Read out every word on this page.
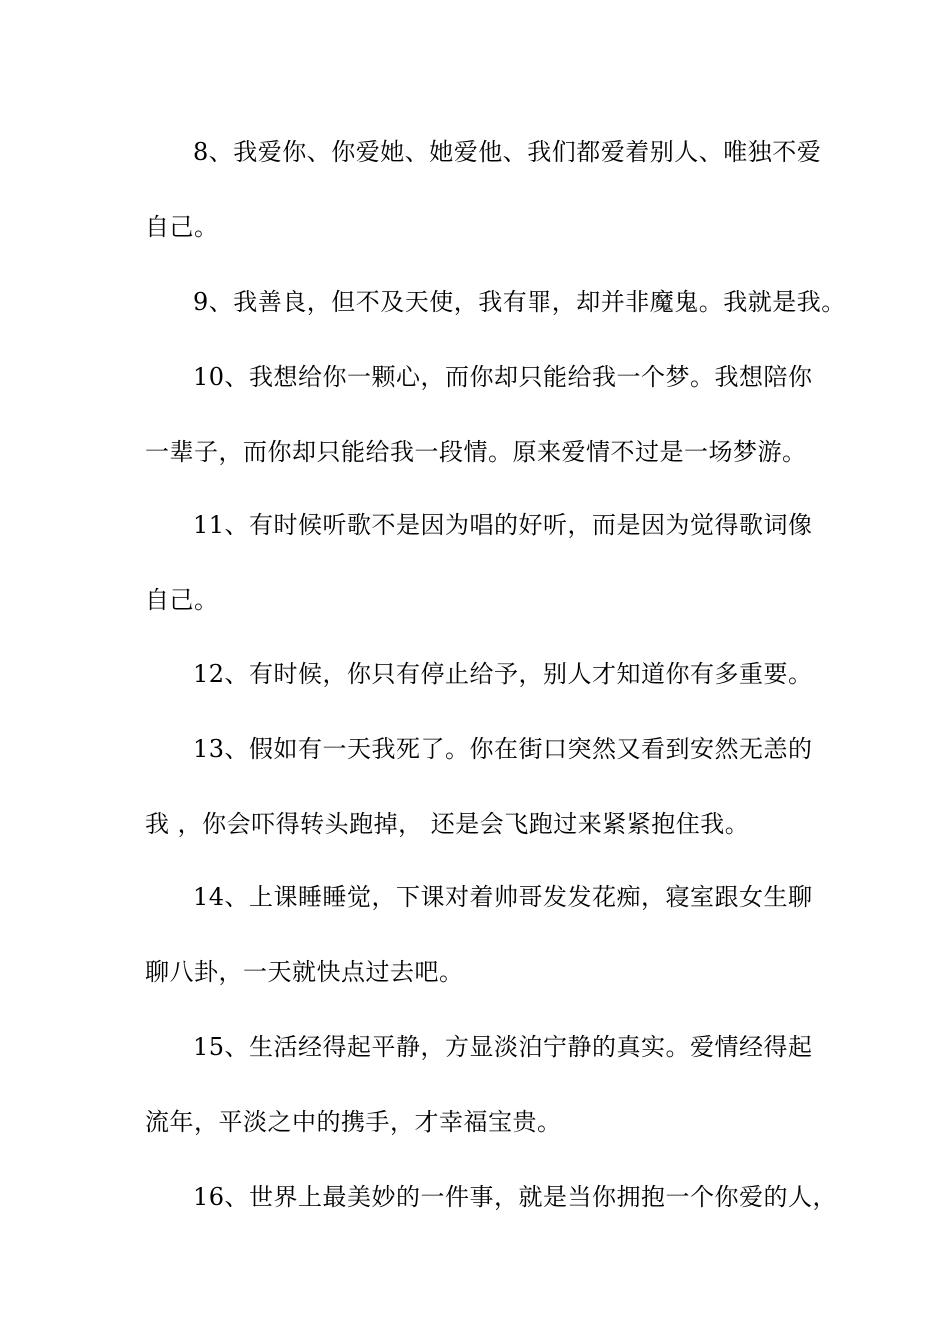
8、我爱你、你爱她、她爱他、我们都爱着别人、唯独不爱
自己。

9、我善良，但不及天使，我有罪，却并非魔鬼。我就是我。

10、我想给你一颗心，而你却只能给我一个梦。我想陪你
一辈子，而你却只能给我一段情。原来爱情不过是一场梦游。

11、有时候听歌不是因为唱的好听，而是因为觉得歌词像
自己。

12、有时候，你只有停止给予，别人才知道你有多重要。

13、假如有一天我死了。你在街口突然又看到安然无恙的
我 ，你会吓得转头跑掉， 还是会飞跑过来紧紧抱住我。

14、上课睡睡觉，下课对着帅哥发发花痴，寝室跟女生聊
聊八卦，一天就快点过去吧。

15、生活经得起平静，方显淡泊宁静的真实。爱情经得起
流年，平淡之中的携手，才幸福宝贵。

16、世界上最美妙的一件事，就是当你拥抱一个你爱的人，
